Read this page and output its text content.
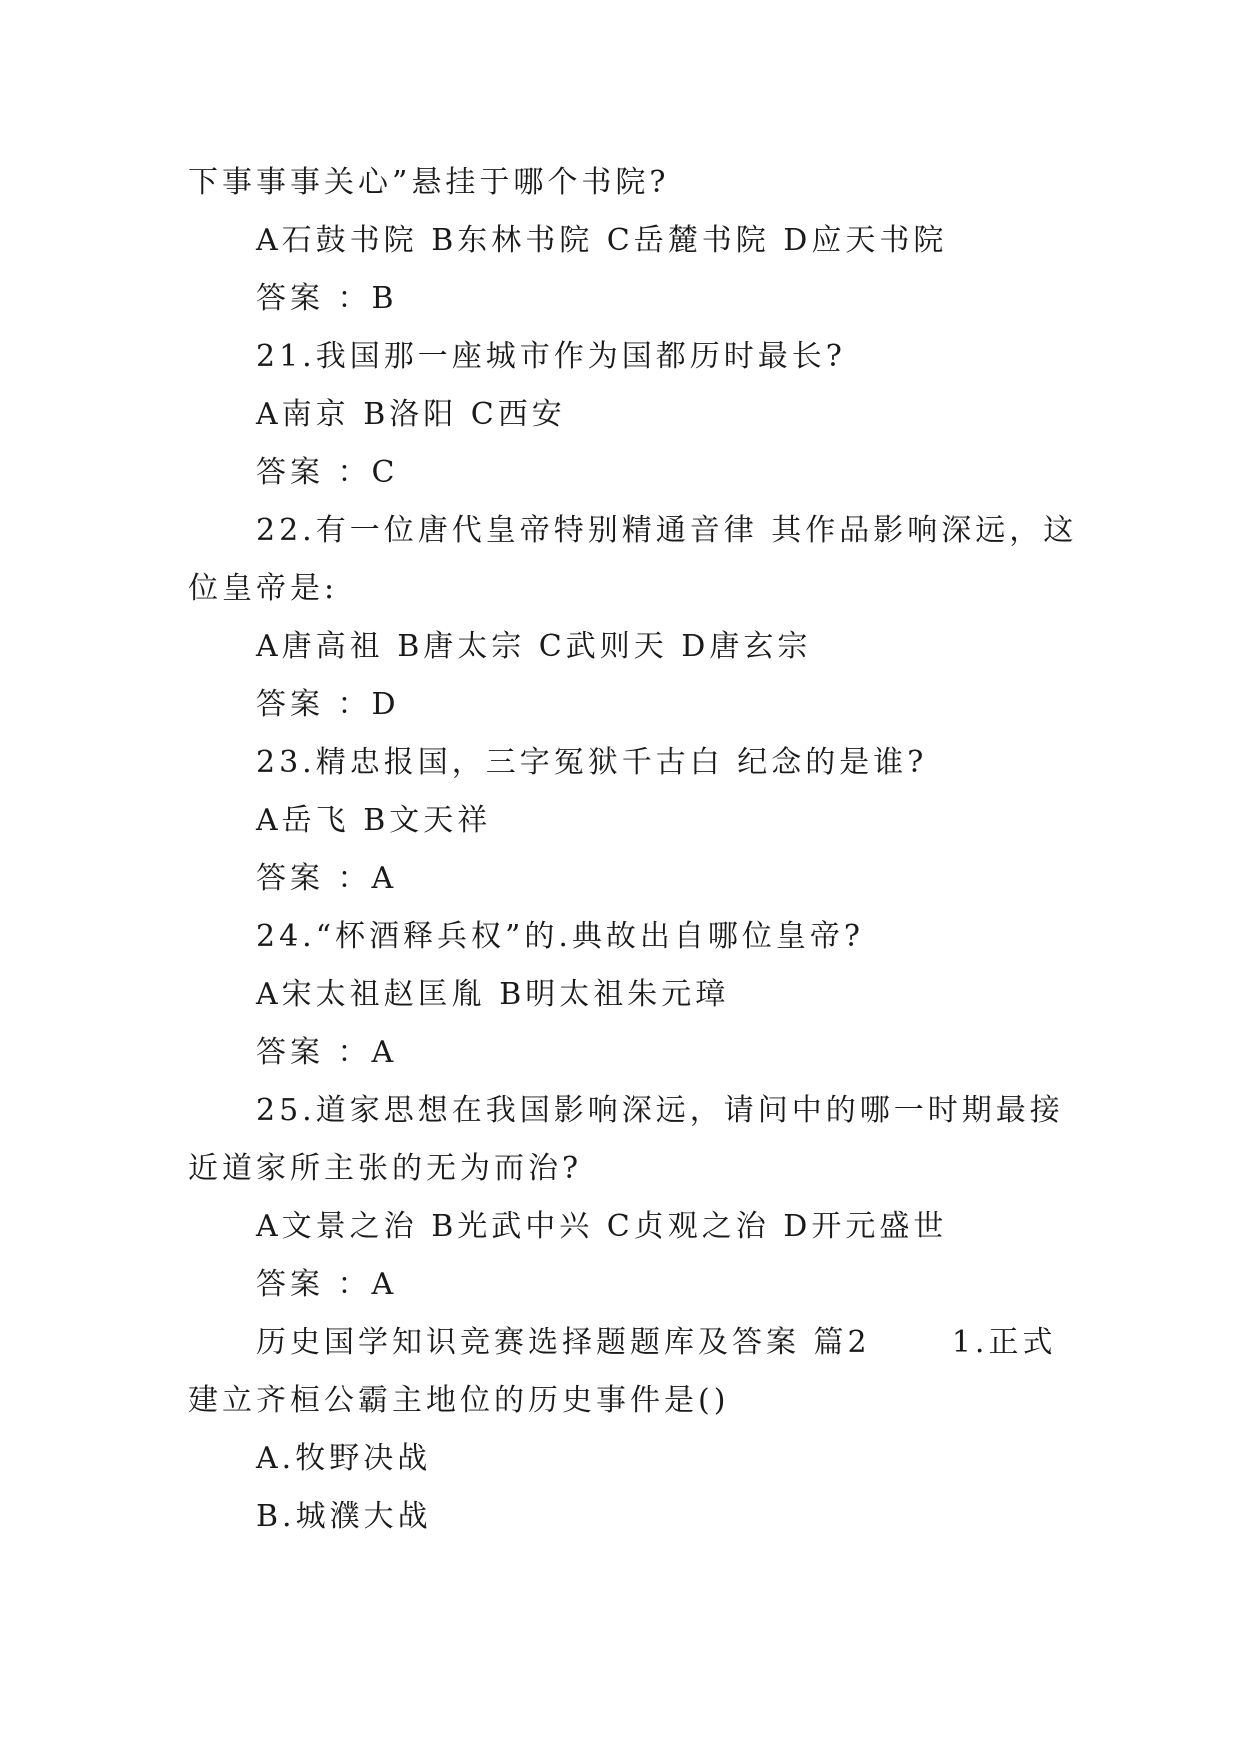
下事事事关心”悬挂于哪个书院?

A石鼓书院 B东林书院 C岳麓书院 D应天书院

答案 ：B

21.我国那一座城市作为国都历时最长?

A南京 B洛阳 C西安

答案 ：C

22.有一位唐代皇帝特别精通音律 其作品影响深远，这

位皇帝是:

A唐高祖 B唐太宗 C武则天 D唐玄宗

答案 ：D

23.精忠报国，三字冤狱千古白 纪念的是谁?

A岳飞 B文天祥

答案 ：A

24.“杯酒释兵权”的.典故出自哪位皇帝?

A宋太祖赵匡胤 B明太祖朱元璋

答案 ：A

25.道家思想在我国影响深远，请问中的哪一时期最接

近道家所主张的无为而治?

A文景之治 B光武中兴 C贞观之治 D开元盛世

答案 ：A

历史国学知识竞赛选择题题库及答案 篇2      1.正式

建立齐桓公霸主地位的历史事件是()

A.牧野决战

B.城濮大战
